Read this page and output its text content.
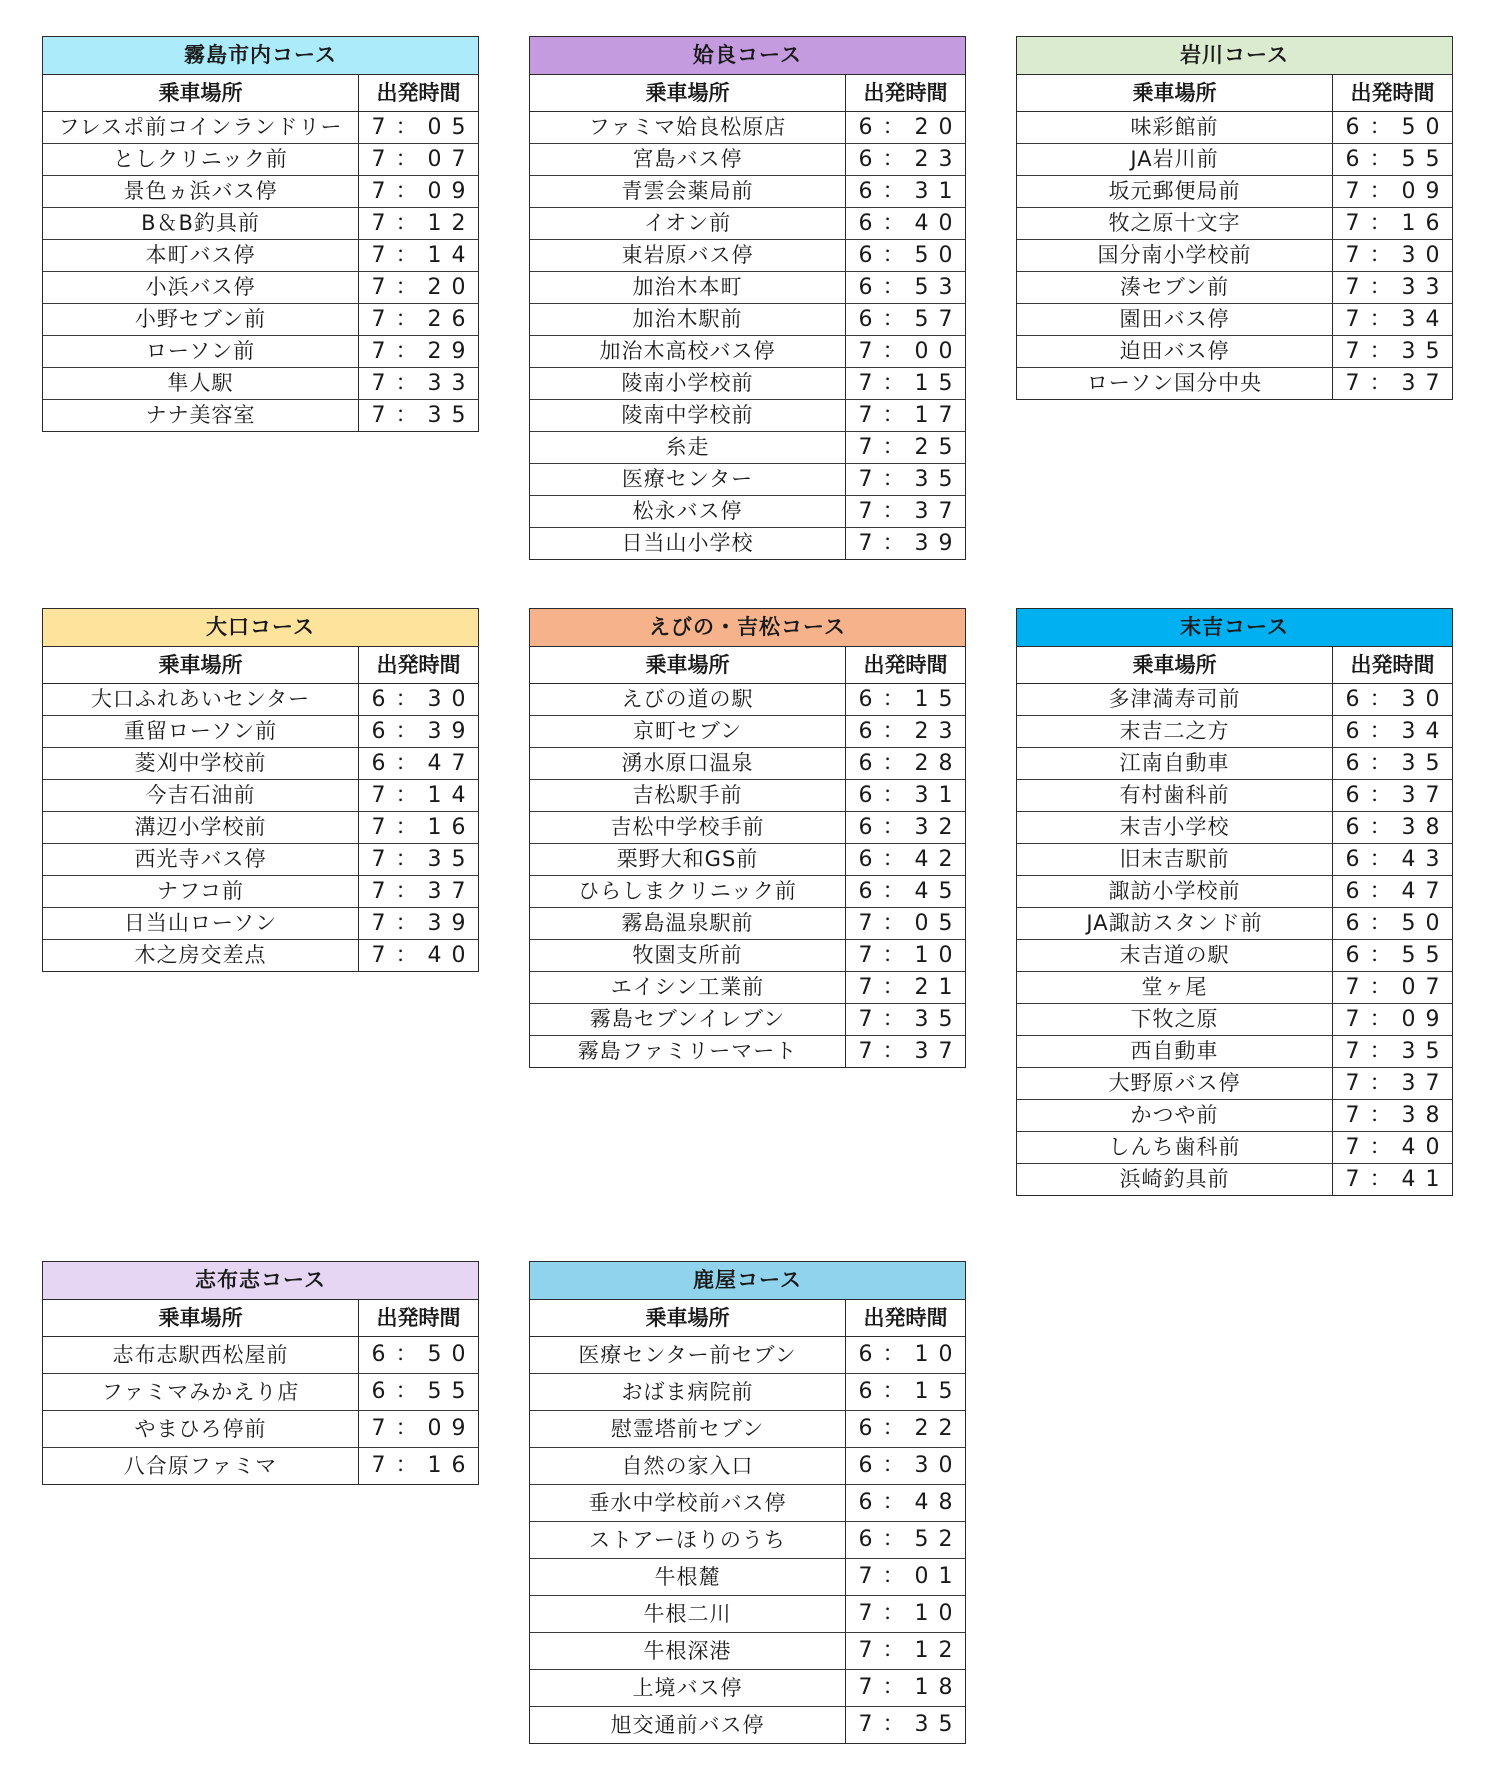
霧島市内コース
乗車場所	出発時間
フレスポ前コインランドリー	7：05
としクリニック前	7：07
景色ヵ浜バス停	7：09
B＆B釣具前	7：12
本町バス停	7：14
小浜バス停	7：20
小野セブン前	7：26
ローソン前	7：29
隼人駅	7：33
ナナ美容室	7：35
姶良コース
乗車場所	出発時間
ファミマ姶良松原店	6：20
宮島バス停	6：23
青雲会薬局前	6：31
イオン前	6：40
東岩原バス停	6：50
加治木本町	6：53
加治木駅前	6：57
加治木高校バス停	7：00
陵南小学校前	7：15
陵南中学校前	7：17
糸走	7：25
医療センター	7：35
松永バス停	7：37
日当山小学校	7：39
岩川コース
乗車場所	出発時間
味彩館前	6：50
JA岩川前	6：55
坂元郵便局前	7：09
牧之原十文字	7：16
国分南小学校前	7：30
湊セブン前	7：33
園田バス停	7：34
迫田バス停	7：35
ローソン国分中央	7：37
大口コース
乗車場所	出発時間
大口ふれあいセンター	6：30
重留ローソン前	6：39
菱刈中学校前	6：47
今吉石油前	7：14
溝辺小学校前	7：16
西光寺バス停	7：35
ナフコ前	7：37
日当山ローソン	7：39
木之房交差点	7：40
えびの・吉松コース
乗車場所	出発時間
えびの道の駅	6：15
京町セブン	6：23
湧水原口温泉	6：28
吉松駅手前	6：31
吉松中学校手前	6：32
栗野大和GS前	6：42
ひらしまクリニック前	6：45
霧島温泉駅前	7：05
牧園支所前	7：10
エイシン工業前	7：21
霧島セブンイレブン	7：35
霧島ファミリーマート	7：37
末吉コース
乗車場所	出発時間
多津満寿司前	6：30
末吉二之方	6：34
江南自動車	6：35
有村歯科前	6：37
末吉小学校	6：38
旧末吉駅前	6：43
諏訪小学校前	6：47
JA諏訪スタンド前	6：50
末吉道の駅	6：55
堂ヶ尾	7：07
下牧之原	7：09
西自動車	7：35
大野原バス停	7：37
かつや前	7：38
しんち歯科前	7：40
浜崎釣具前	7：41
志布志コース
乗車場所	出発時間
志布志駅西松屋前	6：50
ファミマみかえり店	6：55
やまひろ停前	7：09
八合原ファミマ	7：16
鹿屋コース
乗車場所	出発時間
医療センター前セブン	6：10
おばま病院前	6：15
慰霊塔前セブン	6：22
自然の家入口	6：30
垂水中学校前バス停	6：48
ストアーほりのうち	6：52
牛根麓	7：01
牛根二川	7：10
牛根深港	7：12
上境バス停	7：18
旭交通前バス停	7：35
